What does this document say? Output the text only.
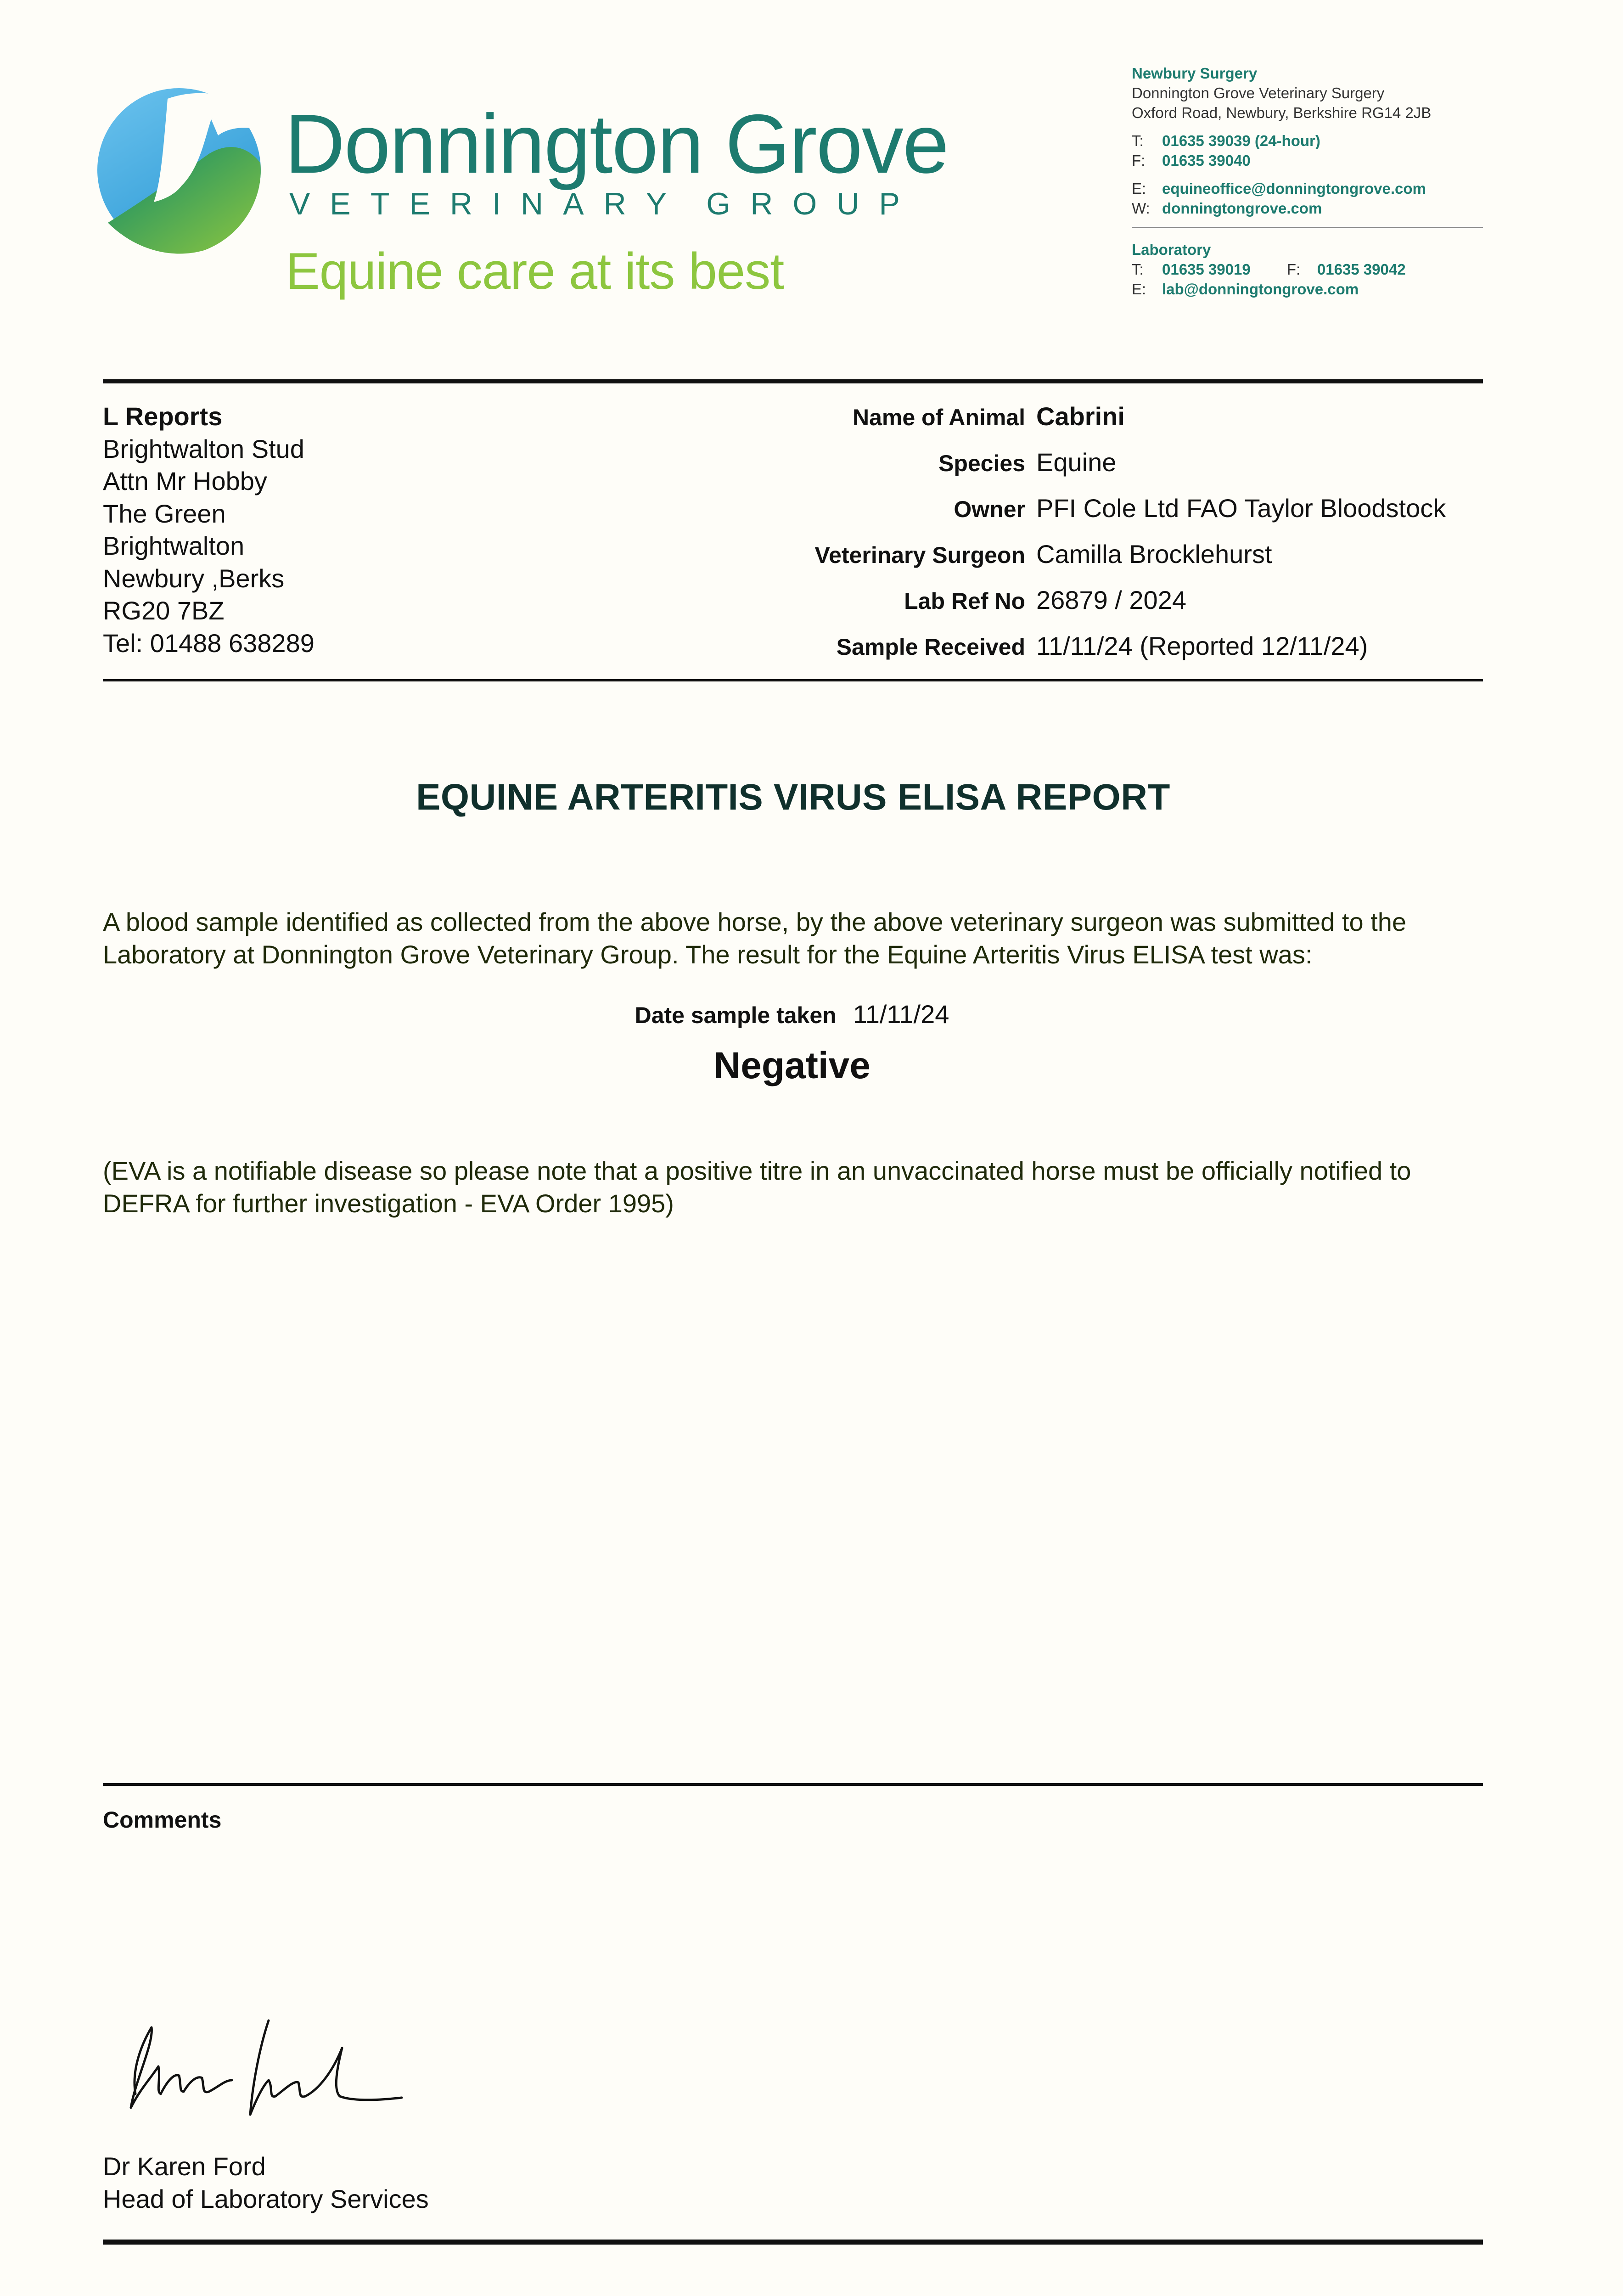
Donnington Grove
V E T E R I N A R Y G R O U P
Equine care at its best
Newbury Surgery
Donnington Grove Veterinary Surgery
Oxford Road, Newbury, Berkshire RG14 2JB
T: 01635 39039 (24-hour)
F: 01635 39040
E: equineoffice@donningtongrove.com
W: donningtongrove.com
Laboratory
T: 01635 39019 F: 01635 39042
E: lab@donningtongrove.com
L Reports
Brightwalton Stud
Attn Mr Hobby
The Green
Brightwalton
Newbury ,Berks
RG20 7BZ
Tel: 01488 638289
Name of Animal Cabrini
Species Equine
Owner PFI Cole Ltd FAO Taylor Bloodstock
Veterinary Surgeon Camilla Brocklehurst
Lab Ref No 26879 / 2024
Sample Received 11/11/24 (Reported 12/11/24)
EQUINE ARTERITIS VIRUS ELISA REPORT
A blood sample identified as collected from the above horse, by the above veterinary surgeon was submitted to the Laboratory at Donnington Grove Veterinary Group. The result for the Equine Arteritis Virus ELISA test was:
Date sample taken 11/11/24
Negative
(EVA is a notifiable disease so please note that a positive titre in an unvaccinated horse must be officially notified to DEFRA for further investigation - EVA Order 1995)
Comments
Dr Karen Ford
Head of Laboratory Services
